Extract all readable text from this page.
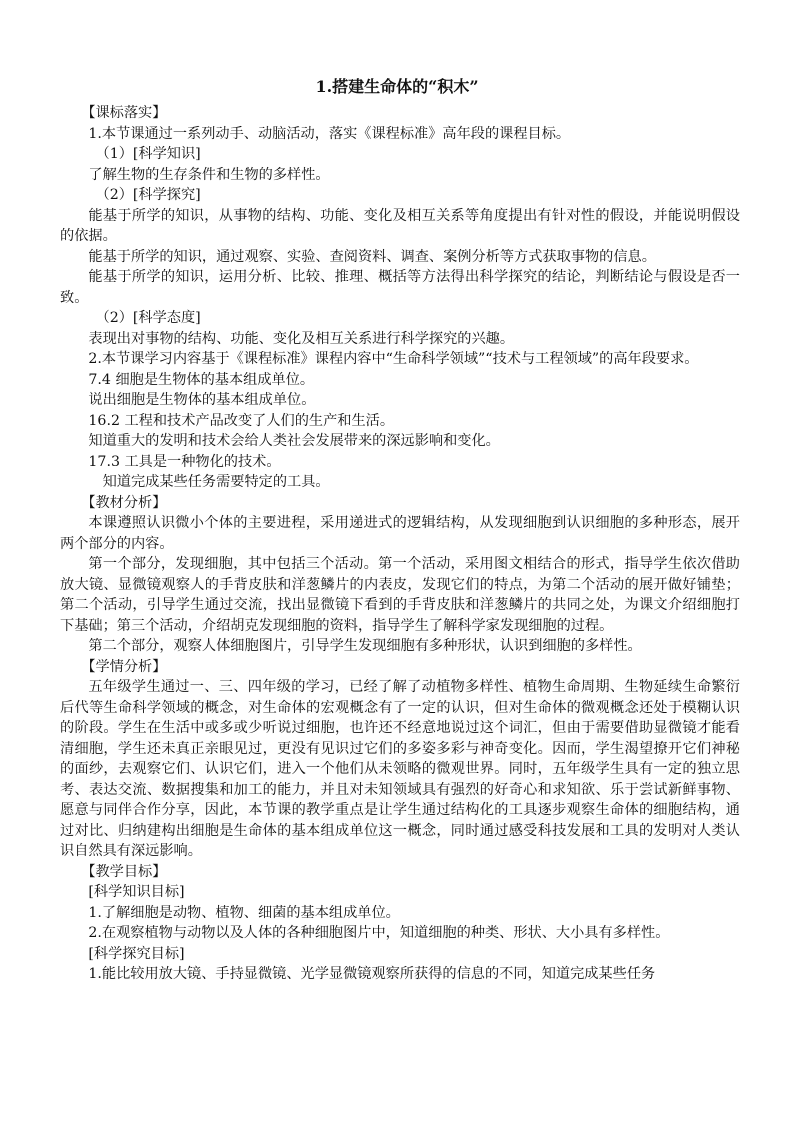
1.搭建生命体的“积木”

【课标落实】

1.本节课通过一系列动手、动脑活动，落实《课程标准》高年段的课程目标。

（1）[科学知识]

了解生物的生存条件和生物的多样性。

（2）[科学探究]

能基于所学的知识，从事物的结构、功能、变化及相互关系等角度提出有针对性的假设，并能说明假设的依据。

能基于所学的知识，通过观察、实验、查阅资料、调查、案例分析等方式获取事物的信息。

能基于所学的知识，运用分析、比较、推理、概括等方法得出科学探究的结论，判断结论与假设是否一致。

（2）[科学态度]

表现出对事物的结构、功能、变化及相互关系进行科学探究的兴趣。

2.本节课学习内容基于《课程标准》课程内容中“生命科学领域”“技术与工程领域”的高年段要求。

7.4 细胞是生物体的基本组成单位。

说出细胞是生物体的基本组成单位。

16.2 工程和技术产品改变了人们的生产和生活。

知道重大的发明和技术会给人类社会发展带来的深远影响和变化。

17.3 工具是一种物化的技术。

知道完成某些任务需要特定的工具。

【教材分析】

本课遵照认识微小个体的主要进程，采用递进式的逻辑结构，从发现细胞到认识细胞的多种形态，展开两个部分的内容。

第一个部分，发现细胞，其中包括三个活动。第一个活动，采用图文相结合的形式，指导学生依次借助放大镜、显微镜观察人的手背皮肤和洋葱鳞片的内表皮，发现它们的特点，为第二个活动的展开做好铺垫；第二个活动，引导学生通过交流，找出显微镜下看到的手背皮肤和洋葱鳞片的共同之处，为课文介绍细胞打下基础；第三个活动，介绍胡克发现细胞的资料，指导学生了解科学家发现细胞的过程。

第二个部分，观察人体细胞图片，引导学生发现细胞有多种形状，认识到细胞的多样性。

【学情分析】

五年级学生通过一、三、四年级的学习，已经了解了动植物多样性、植物生命周期、生物延续生命繁衍后代等生命科学领域的概念，对生命体的宏观概念有了一定的认识，但对生命体的微观概念还处于模糊认识的阶段。学生在生活中或多或少听说过细胞，也许还不经意地说过这个词汇，但由于需要借助显微镜才能看清细胞，学生还未真正亲眼见过，更没有见识过它们的多姿多彩与神奇变化。因而，学生渴望撩开它们神秘的面纱，去观察它们、认识它们，进入一个他们从未领略的微观世界。同时，五年级学生具有一定的独立思考、表达交流、数据搜集和加工的能力，并且对未知领域具有强烈的好奇心和求知欲、乐于尝试新鲜事物、愿意与同伴合作分享，因此，本节课的教学重点是让学生通过结构化的工具逐步观察生命体的细胞结构，通过对比、归纳建构出细胞是生命体的基本组成单位这一概念，同时通过感受科技发展和工具的发明对人类认识自然具有深远影响。

【教学目标】

[科学知识目标]

1.了解细胞是动物、植物、细菌的基本组成单位。

2.在观察植物与动物以及人体的各种细胞图片中，知道细胞的种类、形状、大小具有多样性。

[科学探究目标]

1.能比较用放大镜、手持显微镜、光学显微镜观察所获得的信息的不同，知道完成某些任务
